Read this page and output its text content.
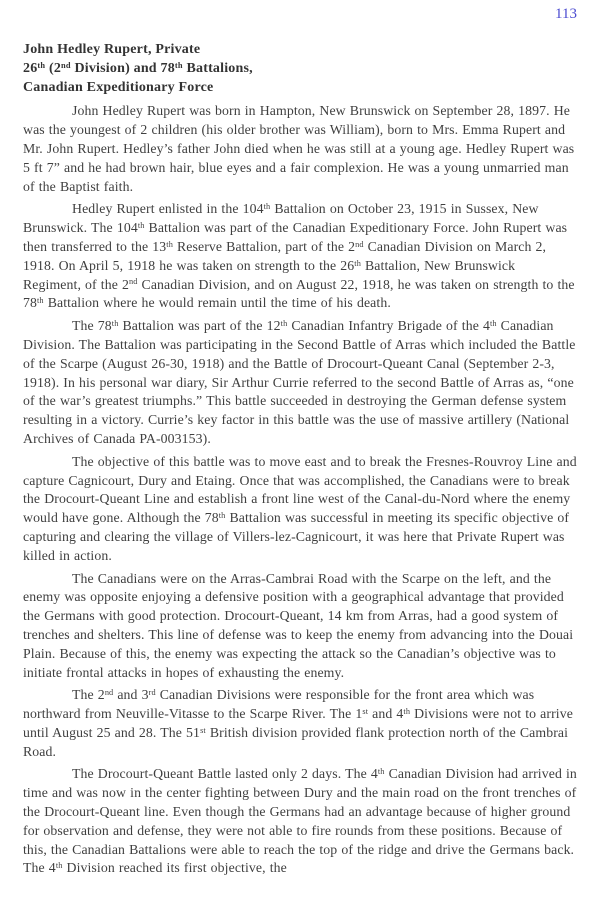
113
John Hedley Rupert, Private
26th (2nd Division) and 78th Battalions,
Canadian Expeditionary Force

John Hedley Rupert was born in Hampton, New Brunswick on September 28, 1897. He was the youngest of 2 children (his older brother was William), born to Mrs. Emma Rupert and Mr. John Rupert. Hedley’s father John died when he was still at a young age. Hedley Rupert was 5 ft 7” and he had brown hair, blue eyes and a fair complexion. He was a young unmarried man of the Baptist faith.

Hedley Rupert enlisted in the 104th Battalion on October 23, 1915 in Sussex, New Brunswick. The 104th Battalion was part of the Canadian Expeditionary Force. John Rupert was then transferred to the 13th Reserve Battalion, part of the 2nd Canadian Division on March 2, 1918. On April 5, 1918 he was taken on strength to the 26th Battalion, New Brunswick Regiment, of the 2nd Canadian Division, and on August 22, 1918, he was taken on strength to the 78th Battalion where he would remain until the time of his death.

The 78th Battalion was part of the 12th Canadian Infantry Brigade of the 4th Canadian Division. The Battalion was participating in the Second Battle of Arras which included the Battle of the Scarpe (August 26-30, 1918) and the Battle of Drocourt-Queant Canal (September 2-3, 1918). In his personal war diary, Sir Arthur Currie referred to the second Battle of Arras as, “one of the war’s greatest triumphs.” This battle succeeded in destroying the German defense system resulting in a victory. Currie’s key factor in this battle was the use of massive artillery (National Archives of Canada PA-003153).

The objective of this battle was to move east and to break the Fresnes-Rouvroy Line and capture Cagnicourt, Dury and Etaing. Once that was accomplished, the Canadians were to break the Drocourt-Queant Line and establish a front line west of the Canal-du-Nord where the enemy would have gone. Although the 78th Battalion was successful in meeting its specific objective of capturing and clearing the village of Villers-lez-Cagnicourt, it was here that Private Rupert was killed in action.

The Canadians were on the Arras-Cambrai Road with the Scarpe on the left, and the enemy was opposite enjoying a defensive position with a geographical advantage that provided the Germans with good protection. Drocourt-Queant, 14 km from Arras, had a good system of trenches and shelters. This line of defense was to keep the enemy from advancing into the Douai Plain. Because of this, the enemy was expecting the attack so the Canadian’s objective was to initiate frontal attacks in hopes of exhausting the enemy.

The 2nd and 3rd Canadian Divisions were responsible for the front area which was northward from Neuville-Vitasse to the Scarpe River. The 1st and 4th Divisions were not to arrive until August 25 and 28. The 51st British division provided flank protection north of the Cambrai Road.

The Drocourt-Queant Battle lasted only 2 days. The 4th Canadian Division had arrived in time and was now in the center fighting between Dury and the main road on the front trenches of the Drocourt-Queant line. Even though the Germans had an advantage because of higher ground for observation and defense, they were not able to fire rounds from these positions. Because of this, the Canadian Battalions were able to reach the top of the ridge and drive the Germans back. The 4th Division reached its first objective, the
